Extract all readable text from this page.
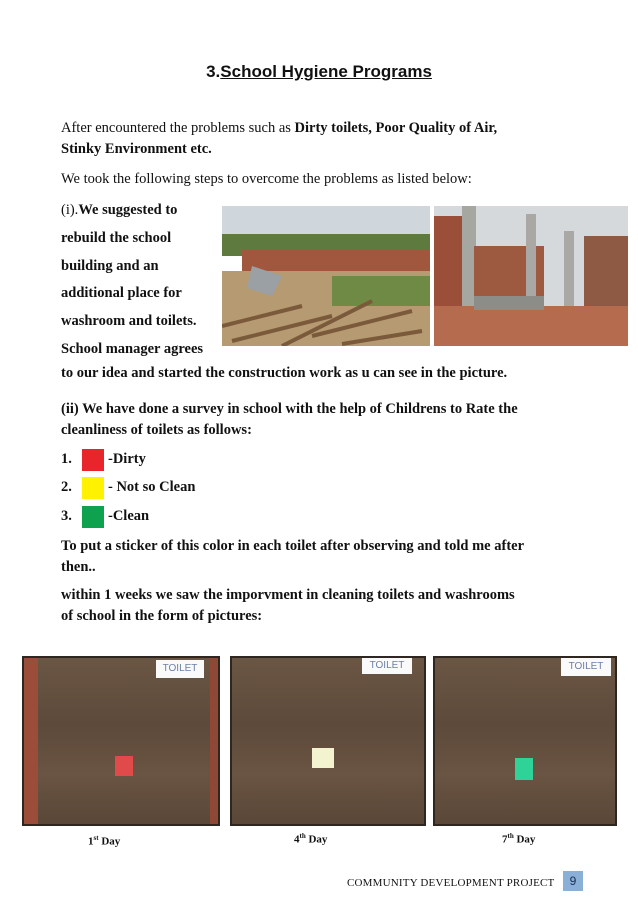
3.School Hygiene Programs
After encountered the problems such as Dirty toilets, Poor Quality of Air,
Stinky Environment etc.
We took the following steps to overcome the problems as listed below:
(i).We suggested to
rebuild the school
building and an
additional place for
washroom and toilets.
School manager agrees
to our idea and started the construction work as u can see in the picture.
(ii) We have done a survey in school with the help of Childrens to Rate the
cleanliness of toilets as follows:
1. -Dirty
2. - Not so Clean
3. -Clean
To put a sticker of this color in each toilet after observing and told me after
then..
within 1 weeks we saw the imporvment in cleaning toilets and washrooms
of school in the form of pictures:
TOILET	TOILET	TOILET
1st Day	4th Day	7th Day
COMMUNITY DEVELOPMENT PROJECT	9
